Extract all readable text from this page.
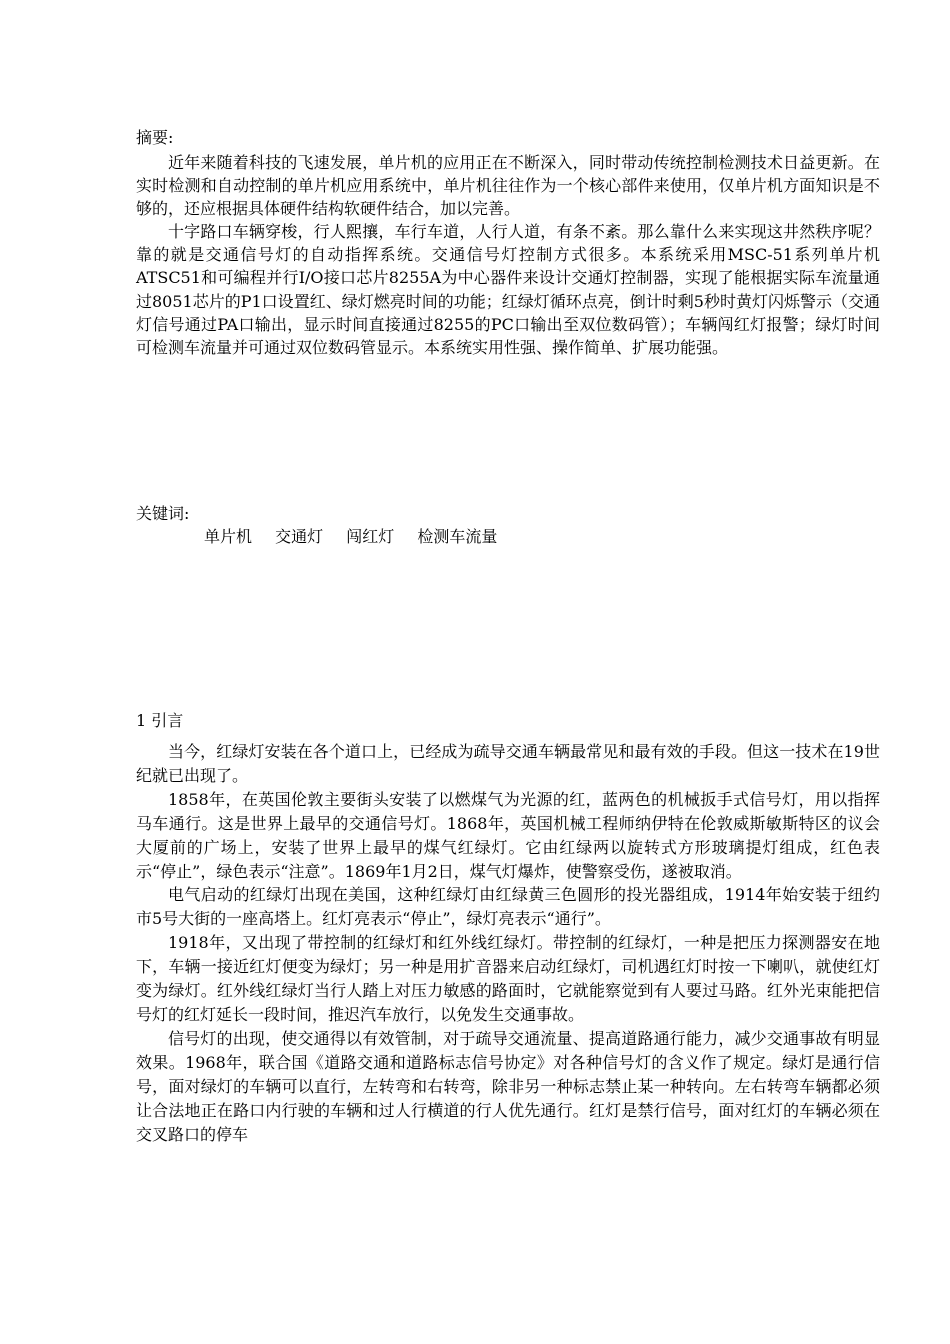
摘要:

近年来随着科技的飞速发展，单片机的应用正在不断深入，同时带动传统控制检测技术日益更新。在实时检测和自动控制的单片机应用系统中，单片机往往作为一个核心部件来使用，仅单片机方面知识是不够的，还应根据具体硬件结构软硬件结合，加以完善。

十字路口车辆穿梭，行人熙攘，车行车道，人行人道，有条不紊。那么靠什么来实现这井然秩序呢？靠的就是交通信号灯的自动指挥系统。交通信号灯控制方式很多。本系统采用MSC-51系列单片机ATSC51和可编程并行I/O接口芯片8255A为中心器件来设计交通灯控制器，实现了能根据实际车流量通过8051芯片的P1口设置红、绿灯燃亮时间的功能；红绿灯循环点亮，倒计时剩5秒时黄灯闪烁警示（交通灯信号通过PA口输出，显示时间直接通过8255的PC口输出至双位数码管）；车辆闯红灯报警；绿灯时间可检测车流量并可通过双位数码管显示。本系统实用性强、操作简单、扩展功能强。

关键词:
单片机 交通灯 闯红灯 检测车流量
1 引言

当今，红绿灯安装在各个道口上，已经成为疏导交通车辆最常见和最有效的手段。但这一技术在19世纪就已出现了。

1858年，在英国伦敦主要街头安装了以燃煤气为光源的红，蓝两色的机械扳手式信号灯，用以指挥马车通行。这是世界上最早的交通信号灯。1868年，英国机械工程师纳伊特在伦敦威斯敏斯特区的议会大厦前的广场上，安装了世界上最早的煤气红绿灯。它由红绿两以旋转式方形玻璃提灯组成，红色表示“停止”，绿色表示“注意”。1869年1月2日，煤气灯爆炸，使警察受伤，遂被取消。

电气启动的红绿灯出现在美国，这种红绿灯由红绿黄三色圆形的投光器组成，1914年始安装于纽约市5号大街的一座高塔上。红灯亮表示“停止”，绿灯亮表示“通行”。

1918年，又出现了带控制的红绿灯和红外线红绿灯。带控制的红绿灯，一种是把压力探测器安在地下，车辆一接近红灯便变为绿灯；另一种是用扩音器来启动红绿灯，司机遇红灯时按一下喇叭，就使红灯变为绿灯。红外线红绿灯当行人踏上对压力敏感的路面时，它就能察觉到有人要过马路。红外光束能把信号灯的红灯延长一段时间，推迟汽车放行，以免发生交通事故。

信号灯的出现，使交通得以有效管制，对于疏导交通流量、提高道路通行能力，减少交通事故有明显效果。1968年，联合国《道路交通和道路标志信号协定》对各种信号灯的含义作了规定。绿灯是通行信号，面对绿灯的车辆可以直行，左转弯和右转弯，除非另一种标志禁止某一种转向。左右转弯车辆都必须让合法地正在路口内行驶的车辆和过人行横道的行人优先通行。红灯是禁行信号，面对红灯的车辆必须在交叉路口的停车
